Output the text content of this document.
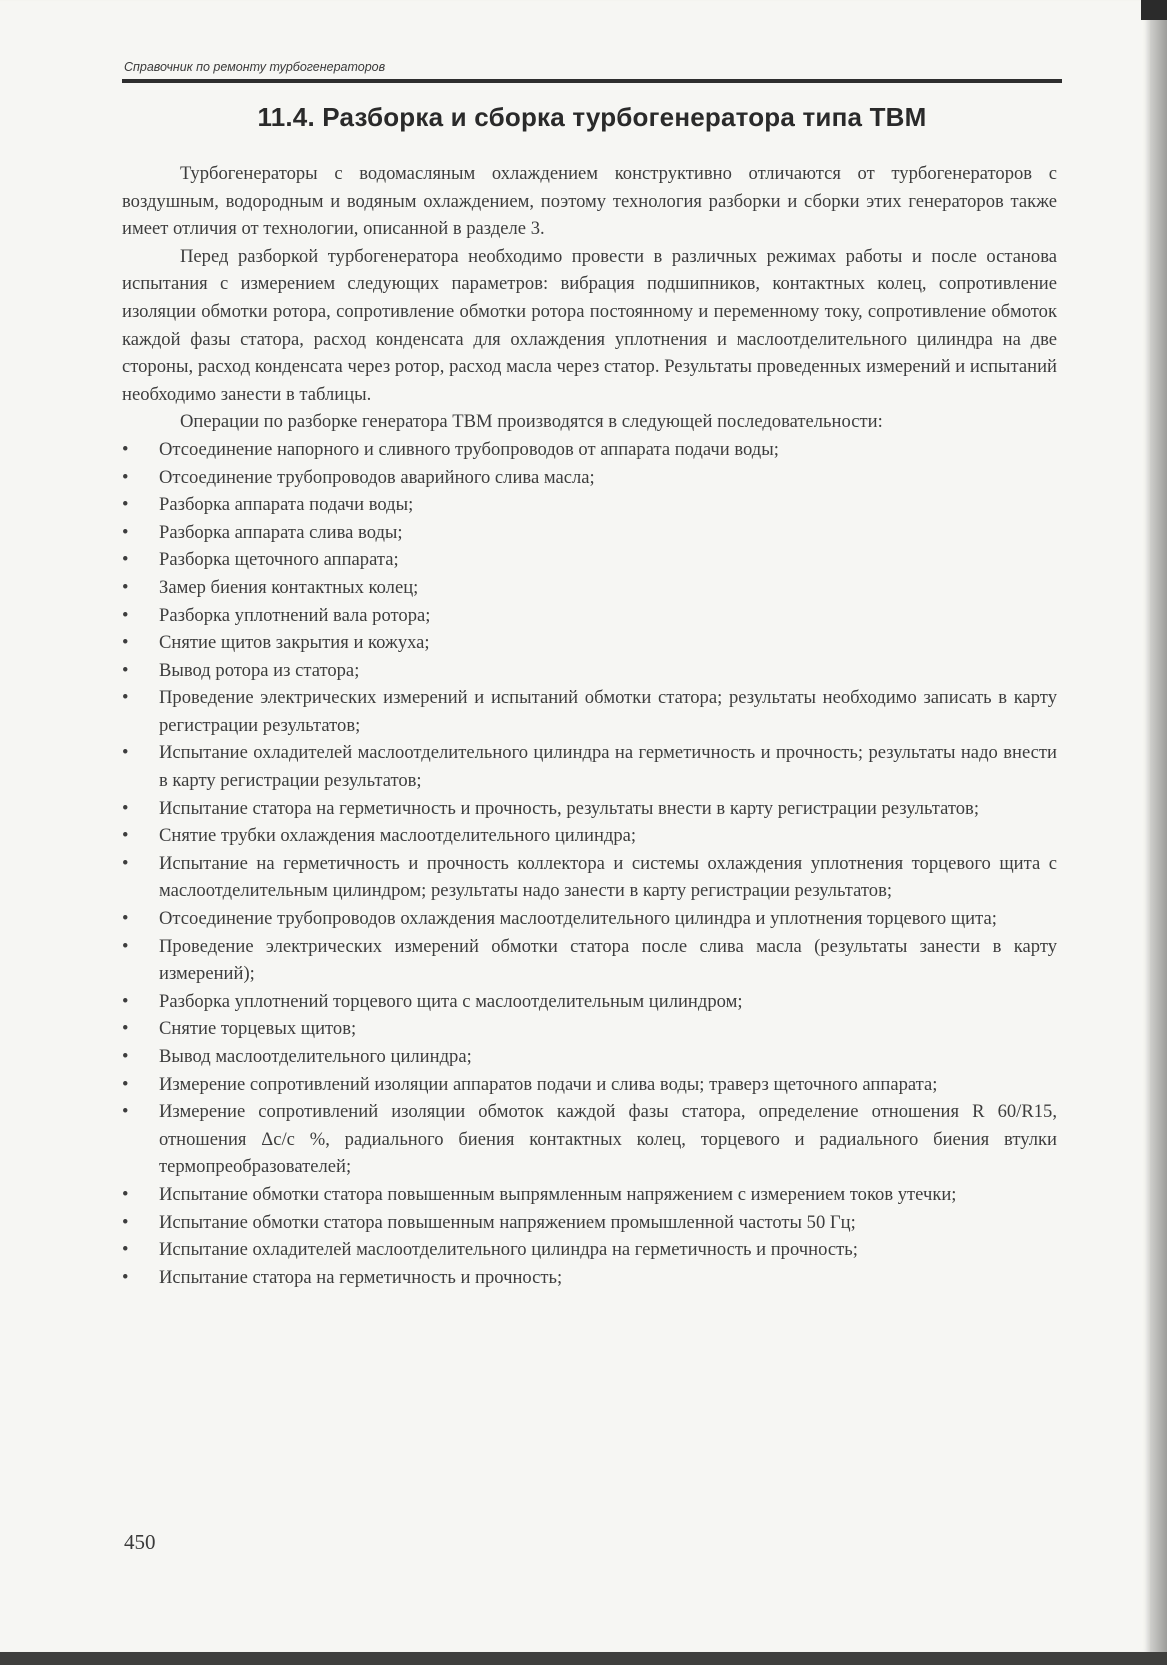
Справочник по ремонту турбогенераторов
11.4. Разборка и сборка турбогенератора типа ТВМ

Турбогенераторы с водомасляным охлаждением конструктивно отличаются от турбогенераторов с воздушным, водородным и водяным охлаждением, поэтому технология разборки и сборки этих генераторов также имеет отличия от технологии, описанной в разделе 3.

Перед разборкой турбогенератора необходимо провести в различных режимах работы и после останова испытания с измерением следующих параметров: вибрация подшипников, контактных колец, сопротивление изоляции обмотки ротора, сопротивление обмотки ротора постоянному и переменному току, сопротивление обмоток каждой фазы статора, расход конденсата для охлаждения уплотнения и маслоотделительного цилиндра на две стороны, расход конденсата через ротор, расход масла через статор. Результаты проведенных измерений и испытаний необходимо занести в таблицы.

Операции по разборке генератора ТВМ производятся в следующей последовательности:

• Отсоединение напорного и сливного трубопроводов от аппарата подачи воды;
• Отсоединение трубопроводов аварийного слива масла;
• Разборка аппарата подачи воды;
• Разборка аппарата слива воды;
• Разборка щеточного аппарата;
• Замер биения контактных колец;
• Разборка уплотнений вала ротора;
• Снятие щитов закрытия и кожуха;
• Вывод ротора из статора;
• Проведение электрических измерений и испытаний обмотки статора; результаты необходимо записать в карту регистрации результатов;
• Испытание охладителей маслоотделительного цилиндра на герметичность и прочность; результаты надо внести в карту регистрации результатов;
• Испытание статора на герметичность и прочность, результаты внести в карту регистрации результатов;
• Снятие трубки охлаждения маслоотделительного цилиндра;
• Испытание на герметичность и прочность коллектора и системы охлаждения уплотнения торцевого щита с маслоотделительным цилиндром; результаты надо занести в карту регистрации результатов;
• Отсоединение трубопроводов охлаждения маслоотделительного цилиндра и уплотнения торцевого щита;
• Проведение электрических измерений обмотки статора после слива масла (результаты занести в карту измерений);
• Разборка уплотнений торцевого щита с маслоотделительным цилиндром;
• Снятие торцевых щитов;
• Вывод маслоотделительного цилиндра;
• Измерение сопротивлений изоляции аппаратов подачи и слива воды; траверз щеточного аппарата;
• Измерение сопротивлений изоляции обмоток каждой фазы статора, определение отношения R 60/R15, отношения Δс/с %, радиального биения контактных колец, торцевого и радиального биения втулки термопреобразователей;
• Испытание обмотки статора повышенным выпрямленным напряжением с измерением токов утечки;
• Испытание обмотки статора повышенным напряжением промышленной частоты 50 Гц;
• Испытание охладителей маслоотделительного цилиндра на герметичность и прочность;
• Испытание статора на герметичность и прочность;
450
